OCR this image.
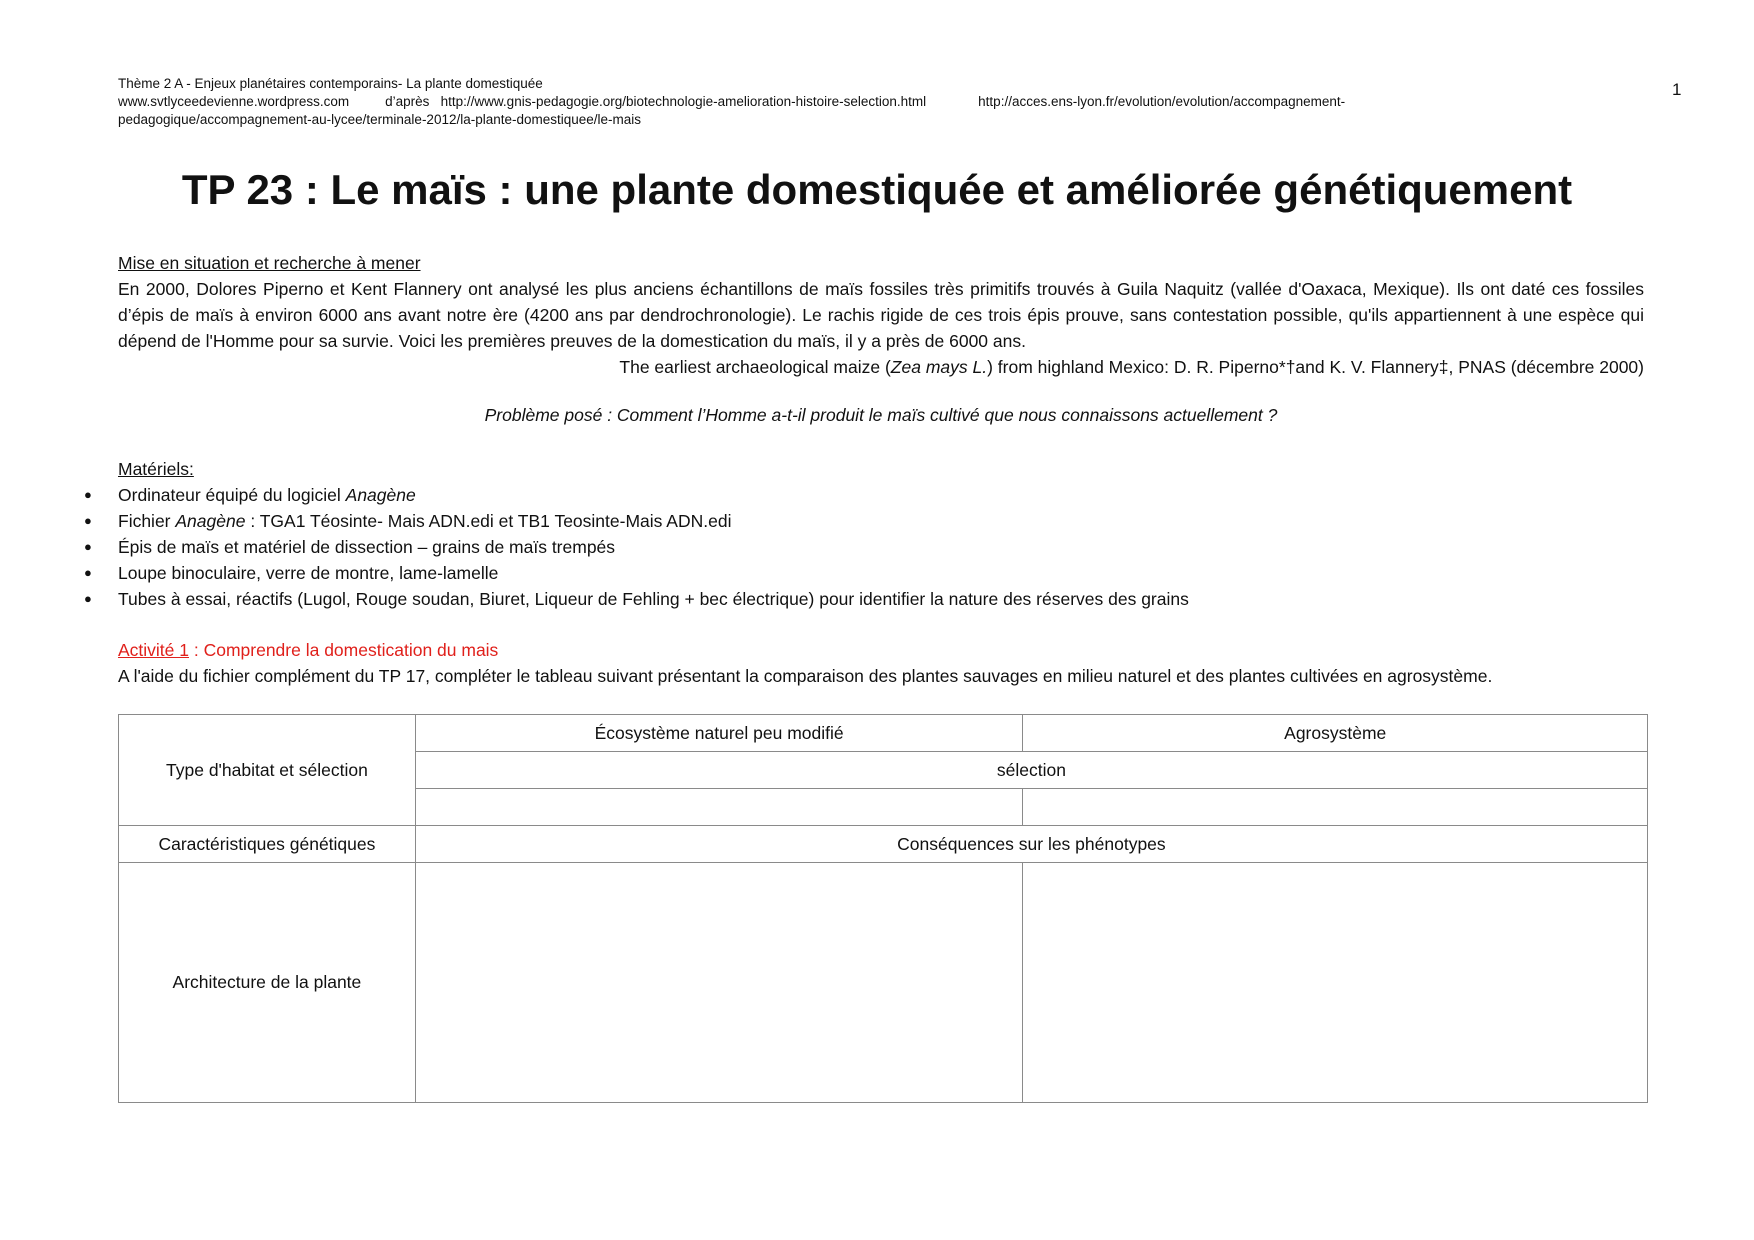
1
Thème 2 A - Enjeux planétaires contemporains- La plante domestiquée
www.svtlyceedevienne.wordpress.com	d’après http://www.gnis-pedagogie.org/biotechnologie-amelioration-histoire-selection.html	http://acces.ens-lyon.fr/evolution/evolution/accompagnement-
pedagogique/accompagnement-au-lycee/terminale-2012/la-plante-domestiquee/le-mais
TP 23 : Le maïs : une plante domestiquée et améliorée génétiquement
Mise en situation et recherche à mener
En 2000, Dolores Piperno et Kent Flannery ont analysé les plus anciens échantillons de maïs fossiles très primitifs trouvés à Guila Naquitz (vallée d'Oaxaca, Mexique). Ils ont daté ces fossiles d’épis de maïs à environ 6000 ans avant notre ère (4200 ans par dendrochronologie). Le rachis rigide de ces trois épis prouve, sans contestation possible, qu'ils appartiennent à une espèce qui dépend de l'Homme pour sa survie. Voici les premières preuves de la domestication du maïs, il y a près de 6000 ans.
The earliest archaeological maize (Zea mays L.) from highland Mexico: D. R. Piperno*†and K. V. Flannery‡, PNAS (décembre 2000)
Problème posé : Comment l’Homme a-t-il produit le maïs cultivé que nous connaissons actuellement ?
Matériels:
● Ordinateur équipé du logiciel Anagène
● Fichier Anagène : TGA1 Téosinte- Mais ADN.edi et TB1 Teosinte-Mais ADN.edi
● Épis de maïs et matériel de dissection – grains de maïs trempés
● Loupe binoculaire, verre de montre, lame-lamelle
● Tubes à essai, réactifs (Lugol, Rouge soudan, Biuret, Liqueur de Fehling + bec électrique) pour identifier la nature des réserves des grains
Activité 1 : Comprendre la domestication du mais
A l'aide du fichier complément du TP 17, compléter le tableau suivant présentant la comparaison des plantes sauvages en milieu naturel et des plantes cultivées en agrosystème.
Type d'habitat et sélection	Écosystème naturel peu modifié	Agrosystème
	sélection	

Caractéristiques génétiques	Conséquences sur les phénotypes	
Architecture de la plante		
